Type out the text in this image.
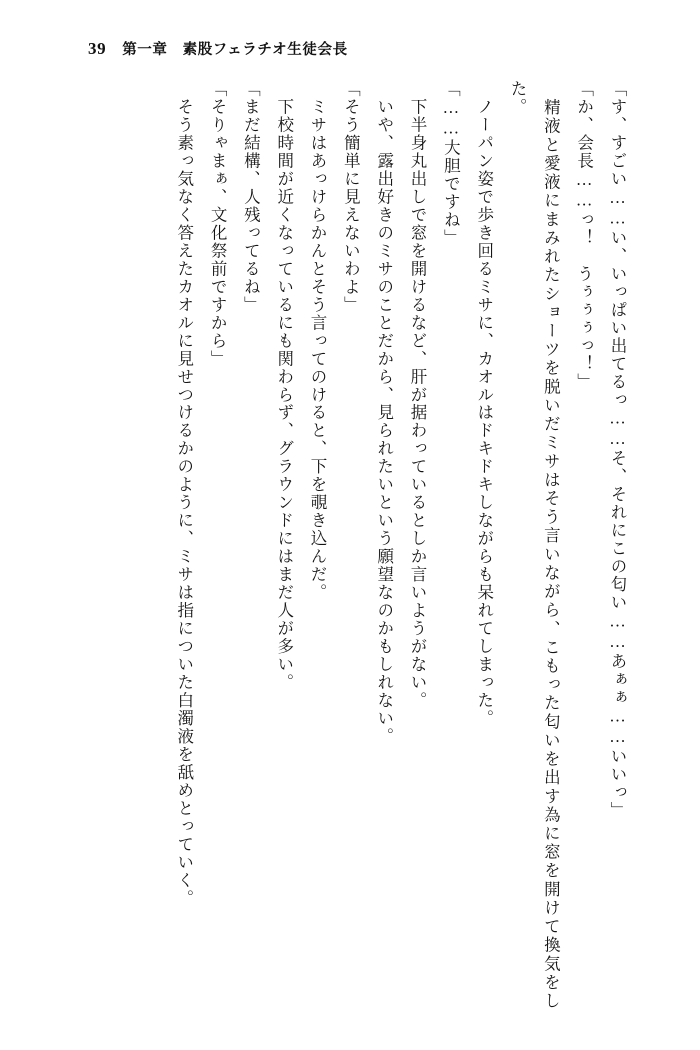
39 第一章　素股フェラチオ生徒会長

「す、すごい……い、いっぱい出てるっ……そ、それにこの匂い……あぁぁ……いいっ」

「か、会長……っ！　うぅぅぅっ！」

　精液と愛液にまみれたショーツを脱いだミサはそう言いながら、こもった匂いを出す為に窓を開けて換気をした。

　ノーパン姿で歩き回るミサに、カオルはドキドキしながらも呆れてしまった。

「……大胆ですね」

　下半身丸出しで窓を開けるなど、肝が据わっているとしか言いようがない。

　いや、露出好きのミサのことだから、見られたいという願望なのかもしれない。

「そう簡単に見えないわよ」

　ミサはあっけらかんとそう言ってのけると、下を覗き込んだ。

　下校時間が近くなっているにも関わらず、グラウンドにはまだ人が多い。

「まだ結構、人残ってるね」

「そりゃまぁ、文化祭前ですから」

　そう素っ気なく答えたカオルに見せつけるかのように、ミサは指についた白濁液を舐めとっていく。
